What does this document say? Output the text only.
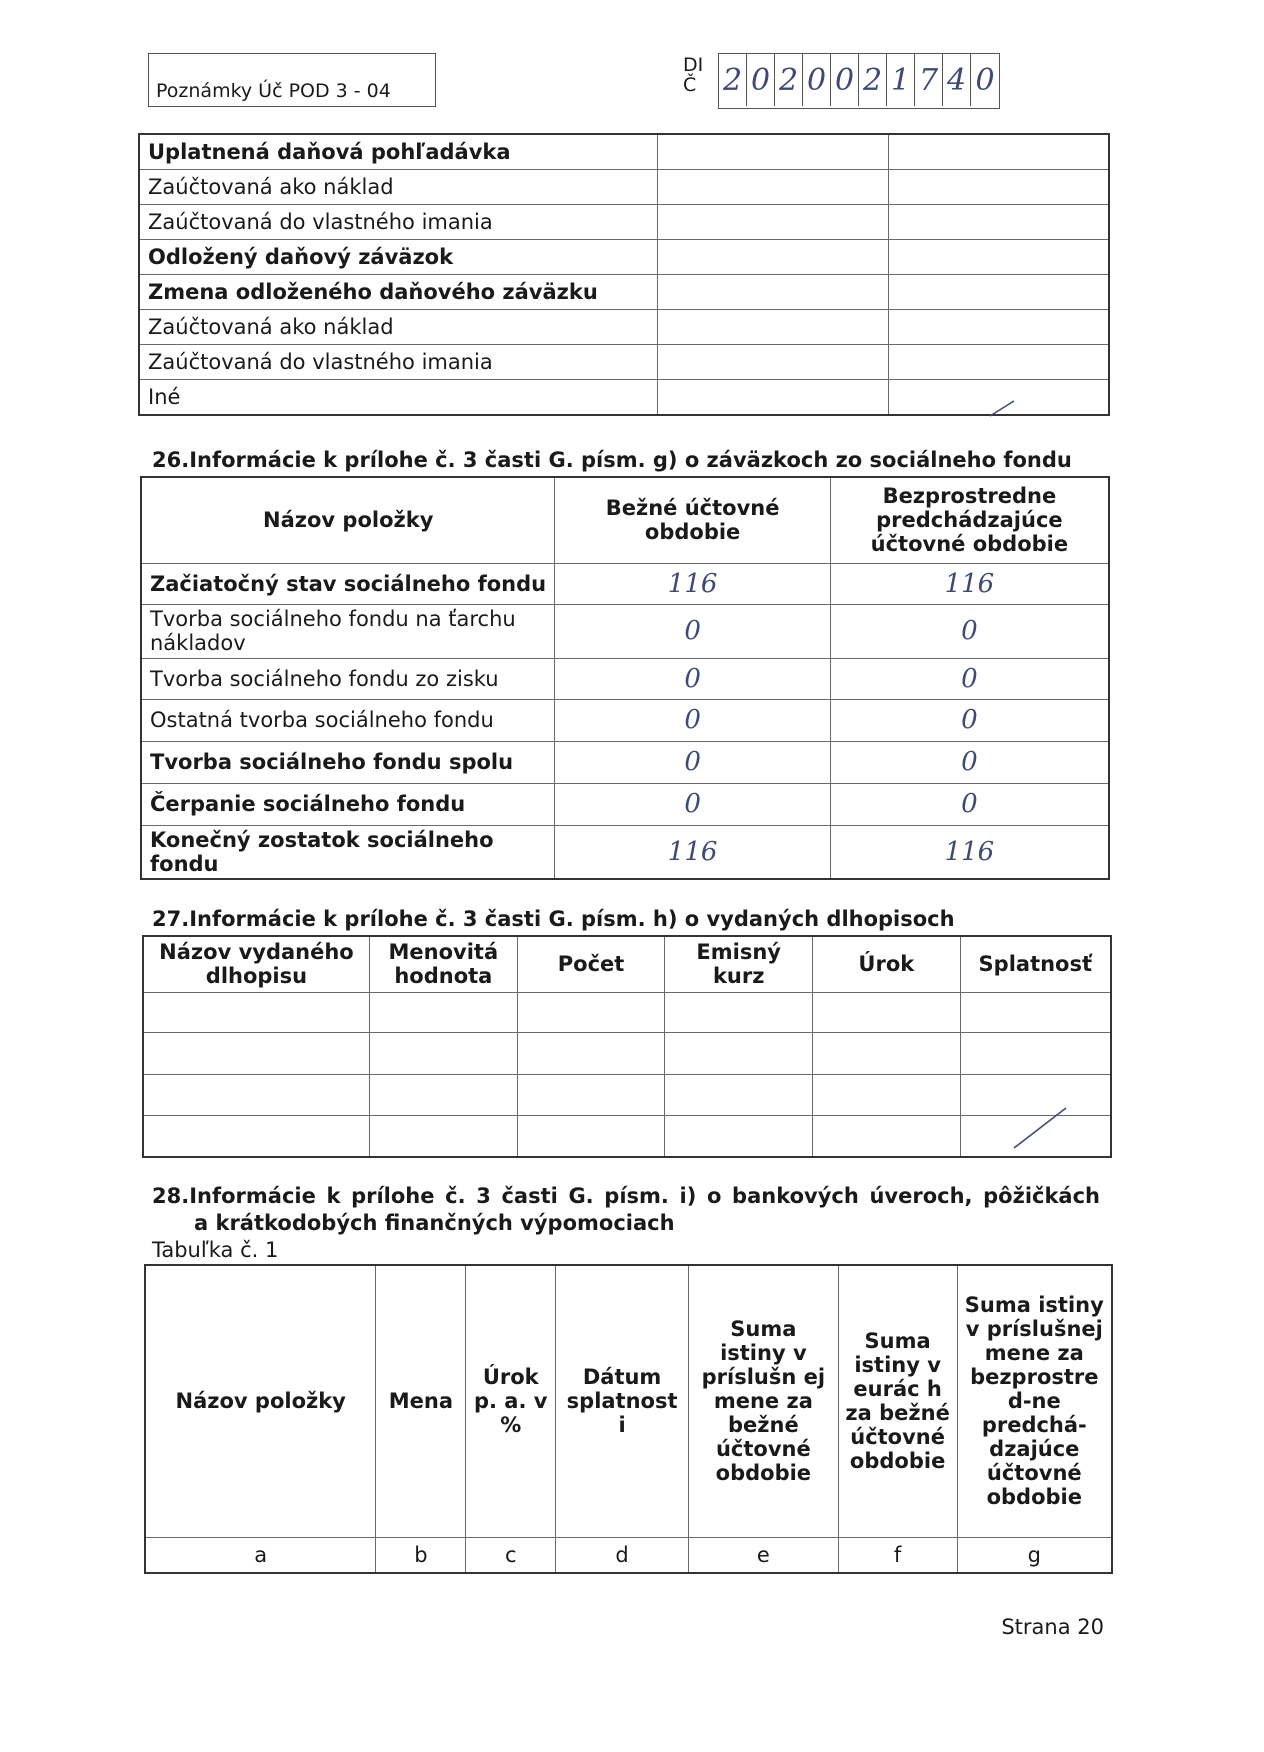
Poznámky Úč POD 3 - 04
DI
Č 2 0 2 0 0 2 1 7 4 0
Uplatnená daňová pohľadávka		
Zaúčtovaná ako náklad		
Zaúčtovaná do vlastného imania		
Odložený daňový záväzok		
Zmena odloženého daňového záväzku		
Zaúčtovaná ako náklad		
Zaúčtovaná do vlastného imania		
Iné		
26.Informácie k prílohe č. 3 časti G. písm. g) o záväzkoch zo sociálneho fondu
Názov položky	Bežné účtovné obdobie	Bezprostredne predchádzajúce účtovné obdobie
Začiatočný stav sociálneho fondu	116	116
Tvorba sociálneho fondu na ťarchu nákladov	0	0
Tvorba sociálneho fondu zo zisku	0	0
Ostatná tvorba sociálneho fondu	0	0
Tvorba sociálneho fondu spolu	0	0
Čerpanie sociálneho fondu	0	0
Konečný zostatok sociálneho fondu	116	116
27.Informácie k prílohe č. 3 časti G. písm. h) o vydaných dlhopisoch
Názov vydaného dlhopisu	Menovitá hodnota	Počet	Emisný kurz	Úrok	Splatnosť

28.Informácie k prílohe č. 3 časti G. písm. i) o bankových úveroch, pôžičkách
a krátkodobých finančných výpomociach
Tabuľka č. 1
Názov položky	Mena	Úrok p. a. v %	Dátum splatnost i	Suma istiny v príslušn ej mene za bežné účtovné obdobie	Suma istiny v eurác h za bežné účtovné obdobie	Suma istiny v príslušnej mene za bezprostre d-ne predchá- dzajúce účtovné obdobie
a	b	c	d	e	f	g
Strana 20
